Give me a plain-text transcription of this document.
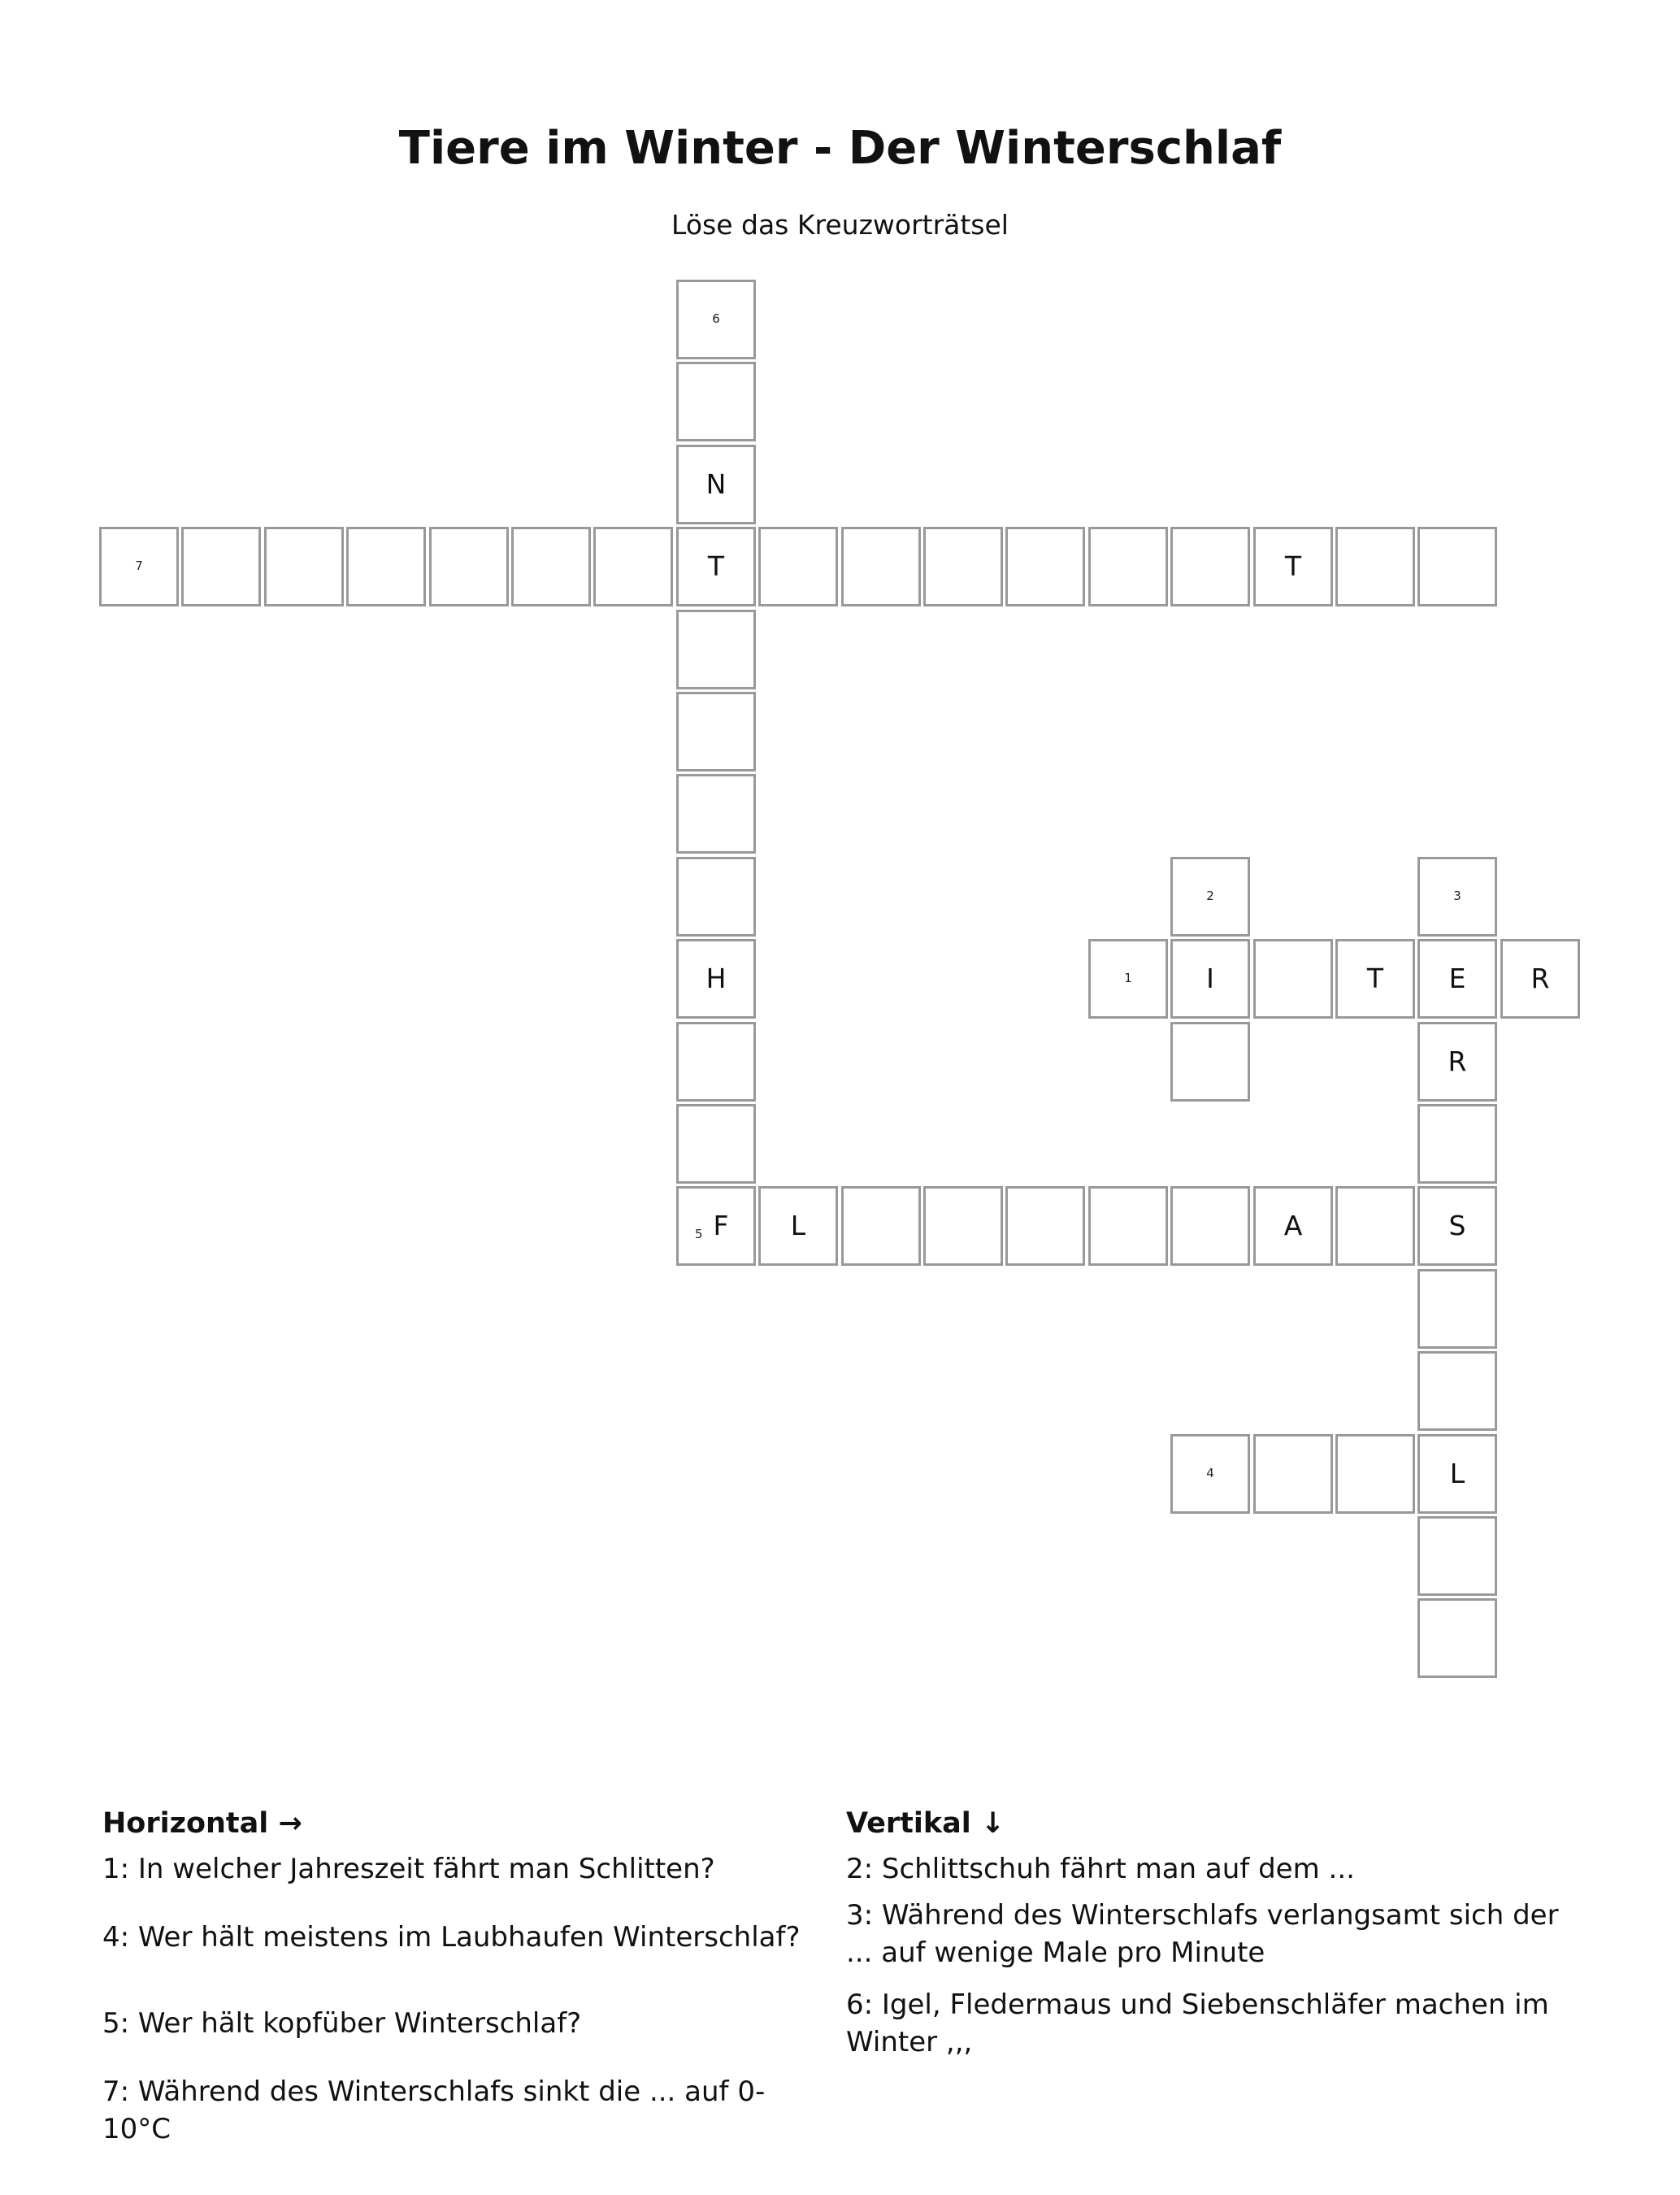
Tiere im Winter - Der Winterschlaf
Löse das Kreuzworträtsel
6
N
7	T	T
H
2	3
1	I	T	E	R
R
5 F	L	A	S
4	L
Horizontal →
1: In welcher Jahreszeit fährt man Schlitten?
4: Wer hält meistens im Laubhaufen Winterschlaf?
5: Wer hält kopfüber Winterschlaf?
7: Während des Winterschlafs sinkt die ... auf 0-10°C
Vertikal ↓
2: Schlittschuh fährt man auf dem ...
3: Während des Winterschlafs verlangsamt sich der ... auf wenige Male pro Minute
6: Igel, Fledermaus und Siebenschläfer machen im Winter ,,,
